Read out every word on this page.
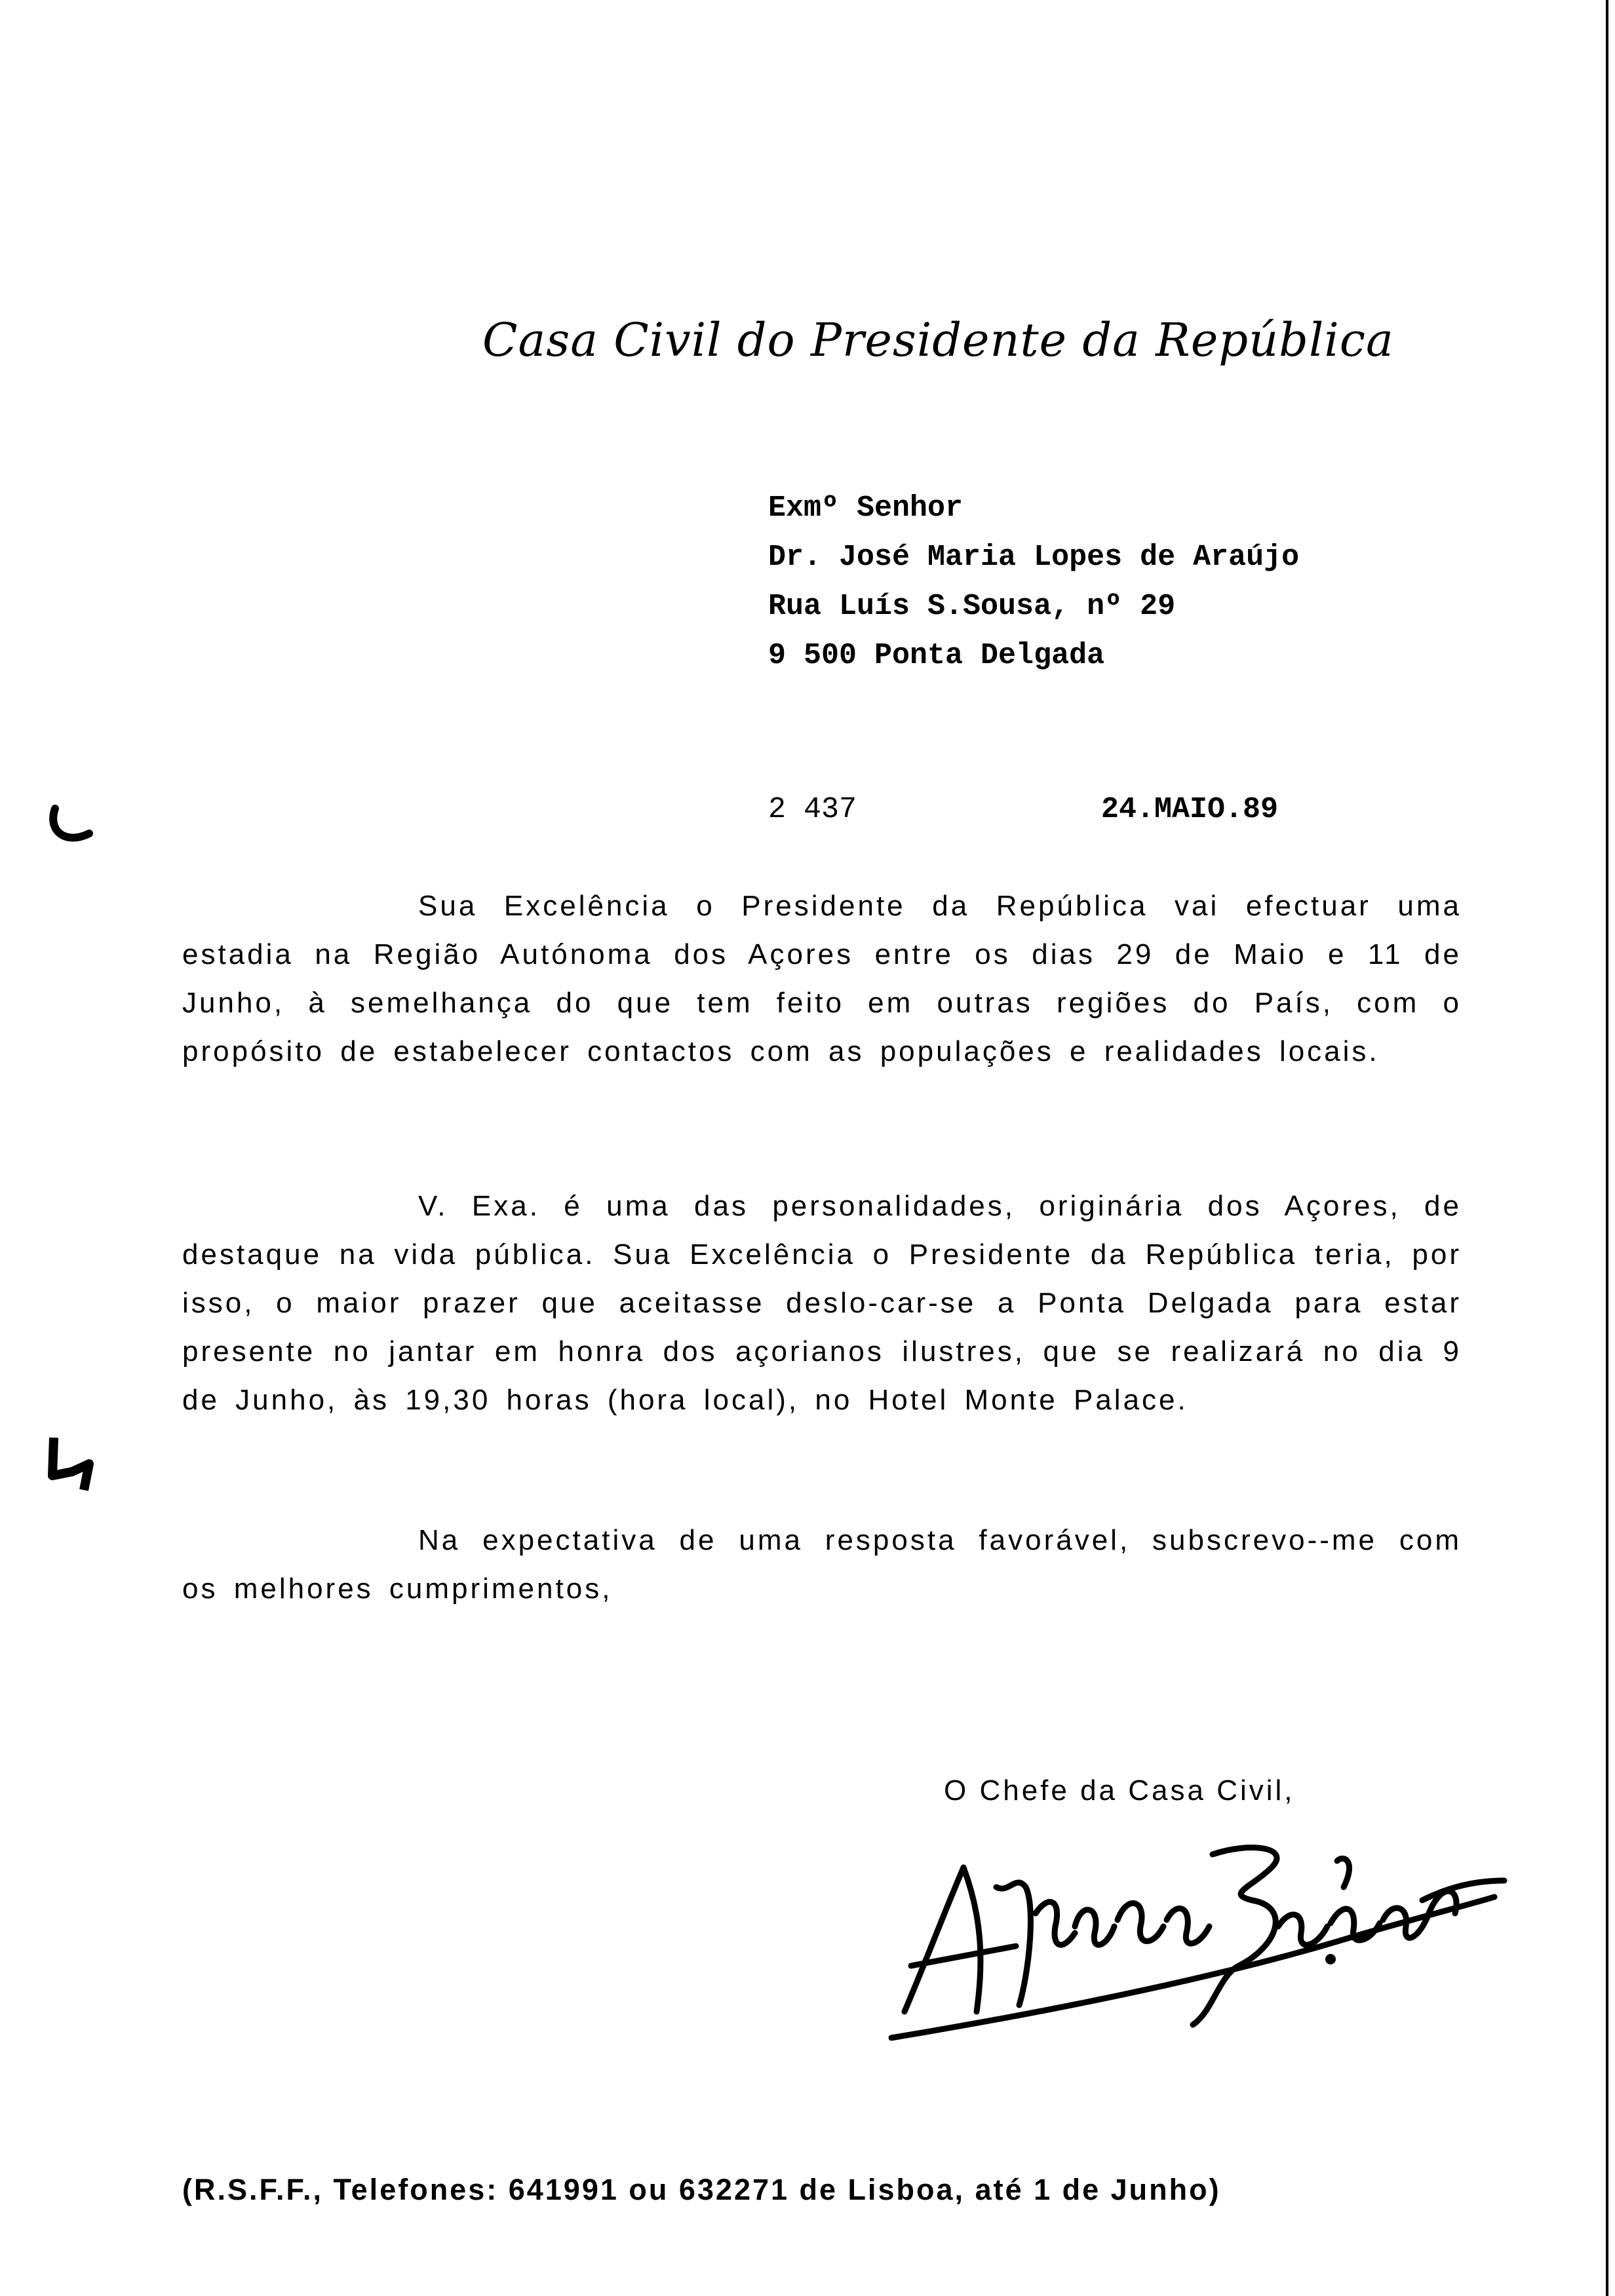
Casa Civil do Presidente da República
Exmº Senhor
Dr. José Maria Lopes de Araújo
Rua Luís S.Sousa, nº 29
9 500 Ponta Delgada
2 437	24.MAIO.89
Sua Excelência o Presidente da República vai efectuar uma estadia na Região Autónoma dos Açores entre os dias 29 de Maio e 11 de Junho, à semelhança do que tem feito em outras regiões do País, com o propósito de estabelecer contactos com as populações e realidades locais.
V. Exa. é uma das personalidades, originária dos Açores, de destaque na vida pública. Sua Excelência o Presidente da República teria, por isso, o maior prazer que aceitasse deslo-car-se a Ponta Delgada para estar presente no jantar em honra dos açorianos ilustres, que se realizará no dia 9 de Junho, às 19,30 horas (hora local), no Hotel Monte Palace.
Na expectativa de uma resposta favorável, subscrevo--me com os melhores cumprimentos,
O Chefe da Casa Civil,
(R.S.F.F., Telefones: 641991 ou 632271 de Lisboa, até 1 de Junho)
